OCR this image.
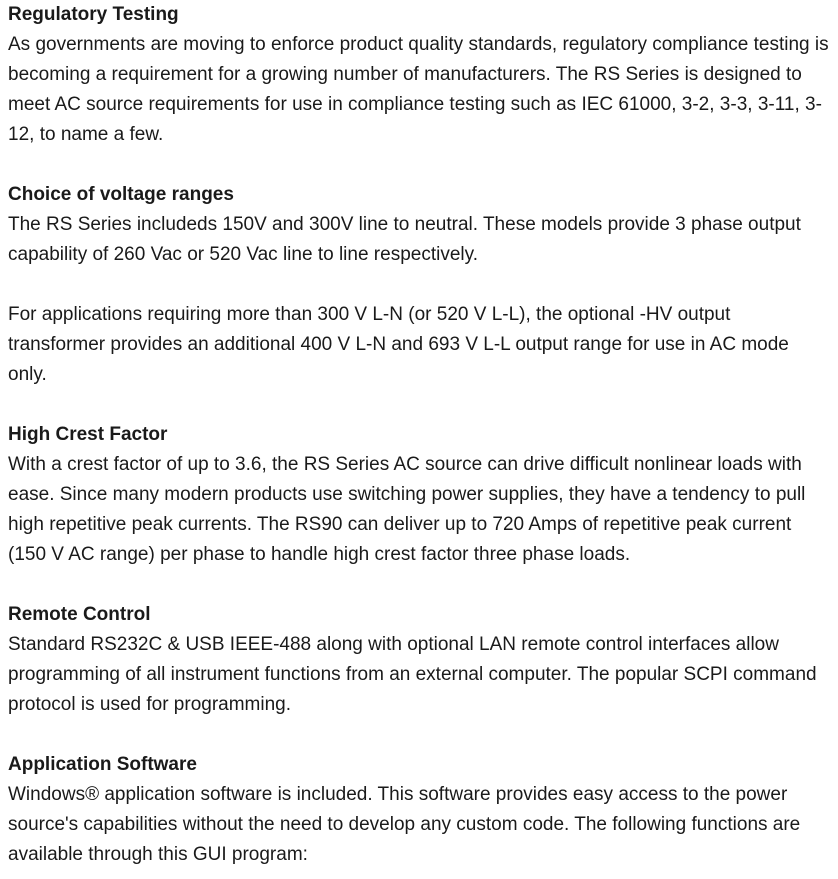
Regulatory Testing

As governments are moving to enforce product quality standards, regulatory compliance testing is becoming a requirement for a growing number of manufacturers. The RS Series is designed to meet AC source requirements for use in compliance testing such as IEC 61000, 3-2, 3-3, 3-11, 3-12, to name a few.

Choice of voltage ranges

The RS Series includeds 150V and 300V line to neutral. These models provide 3 phase output capability of 260 Vac or 520 Vac line to line respectively.

For applications requiring more than 300 V L-N (or 520 V L-L), the optional -HV output transformer provides an additional 400 V L-N and 693 V L-L output range for use in AC mode only.

High Crest Factor

With a crest factor of up to 3.6, the RS Series AC source can drive difficult nonlinear loads with ease. Since many modern products use switching power supplies, they have a tendency to pull high repetitive peak currents. The RS90 can deliver up to 720 Amps of repetitive peak current (150 V AC range) per phase to handle high crest factor three phase loads.

Remote Control

Standard RS232C & USB IEEE-488 along with optional LAN remote control interfaces allow programming of all instrument functions from an external computer. The popular SCPI command protocol is used for programming.

Application Software

Windows® application software is included. This software provides easy access to the power source's capabilities without the need to develop any custom code. The following functions are available through this GUI program:
